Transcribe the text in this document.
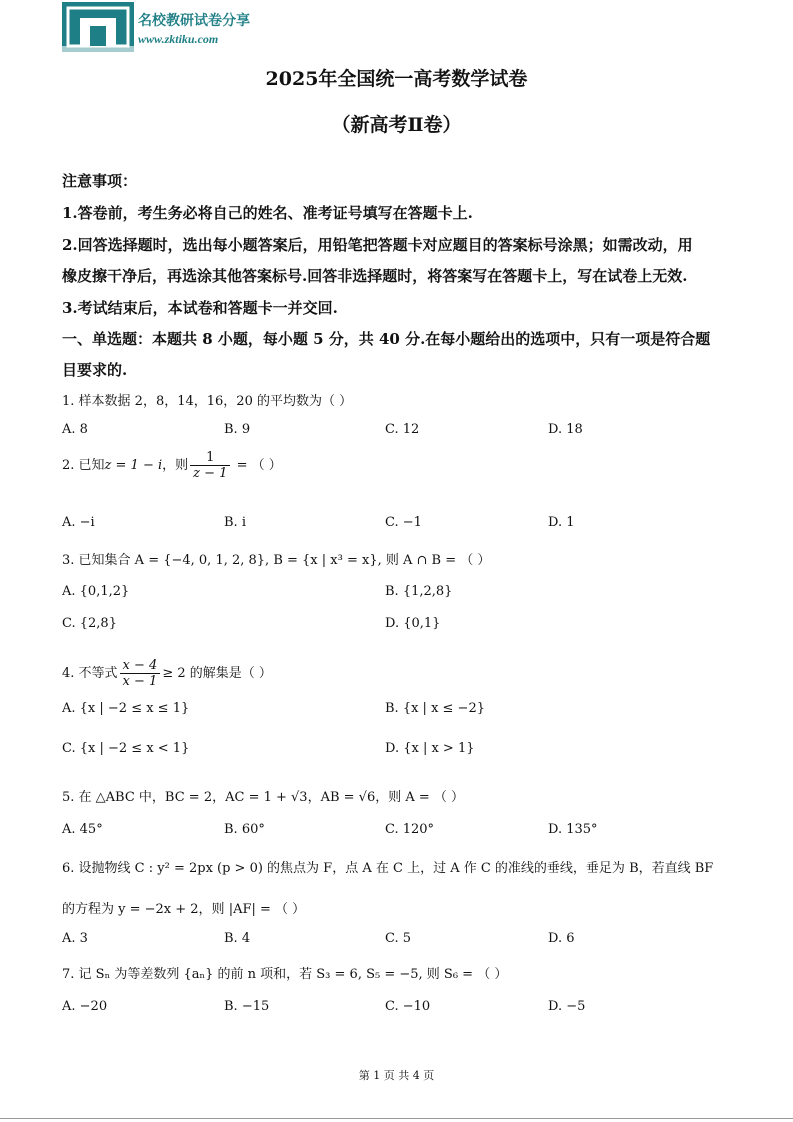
名校教研试卷分享
www.zktiku.com
2025年全国统一高考数学试卷
（新高考Ⅱ卷）
注意事项：
1.答卷前，考生务必将自己的姓名、准考证号填写在答题卡上.
2.回答选择题时，选出每小题答案后，用铅笔把答题卡对应题目的答案标号涂黑；如需改动，用
橡皮擦干净后，再选涂其他答案标号.回答非选择题时，将答案写在答题卡上，写在试卷上无效.
3.考试结束后，本试卷和答题卡一并交回.
一、单选题：本题共 8 小题，每小题 5 分，共 40 分.在每小题给出的选项中，只有一项是符合题
目要求的.
1. 样本数据 2，8，14，16，20 的平均数为（ ）
A. 8	B. 9	C. 12	D. 18
2. 已知z = 1 − i，则 $\frac{1}{z - 1}$ = （ ）
A. −i	B. i	C. −1	D. 1
3. 已知集合 A = {−4, 0, 1, 2, 8}, B = {x | x³ = x}, 则 A ∩ B = （ ）
A. {0,1,2}	B. {1,2,8}
C. {2,8}	D. {0,1}
4. 不等式 $\frac{x - 4}{x - 1} \ge 2$ 的解集是（ ）
A. {x | −2 ≤ x ≤ 1}	B. {x | x ≤ −2}
C. {x | −2 ≤ x < 1}	D. {x | x > 1}
5. 在 △ABC 中，BC = 2，AC = 1 + √3，AB = √6，则 A = （ ）
A. 45°	B. 60°	C. 120°	D. 135°
6. 设抛物线 C : y² = 2px (p > 0) 的焦点为 F，点 A 在 C 上，过 A 作 C 的准线的垂线，垂足为 B，若直线 BF
的方程为 y = −2x + 2，则 |AF| = （ ）
A. 3	B. 4	C. 5	D. 6
7. 记 Sₙ 为等差数列 {aₙ} 的前 n 项和，若 S₃ = 6, S₅ = −5, 则 S₆ = （ ）
A. −20	B. −15	C. −10	D. −5
第 1 页 共 4 页
